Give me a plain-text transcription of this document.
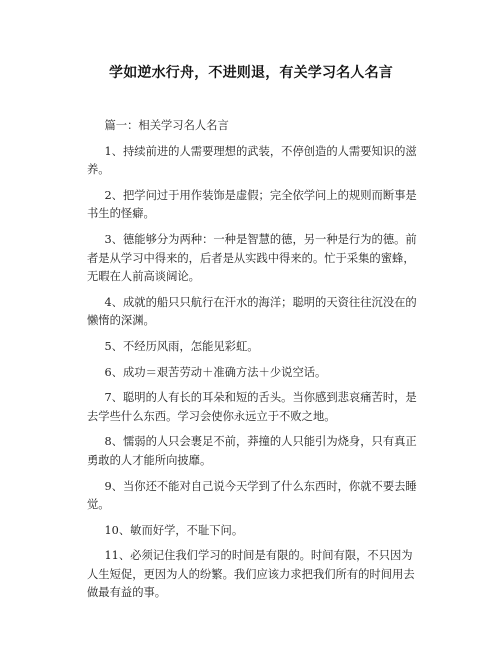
学如逆水行舟，不进则退，有关学习名人名言

篇一：相关学习名人名言

1、持续前进的人需要理想的武装，不停创造的人需要知识的滋养。

2、把学问过于用作装饰是虚假；完全依学问上的规则而断事是书生的怪癖。

3、德能够分为两种：一种是智慧的德，另一种是行为的德。前者是从学习中得来的，后者是从实践中得来的。忙于采集的蜜蜂，无暇在人前高谈阔论。

4、成就的船只只航行在汗水的海洋；聪明的天资往往沉没在的懒惰的深渊。

5、不经历风雨，怎能见彩虹。

6、成功＝艰苦劳动＋准确方法＋少说空话。

7、聪明的人有长的耳朵和短的舌头。当你感到悲哀痛苦时，是去学些什么东西。学习会使你永远立于不败之地。

8、懦弱的人只会裹足不前，莽撞的人只能引为烧身，只有真正勇敢的人才能所向披靡。

9、当你还不能对自己说今天学到了什么东西时，你就不要去睡觉。

10、敏而好学，不耻下问。

11、必须记住我们学习的时间是有限的。时间有限，不只因为人生短促，更因为人的纷繁。我们应该力求把我们所有的时间用去做最有益的事。
